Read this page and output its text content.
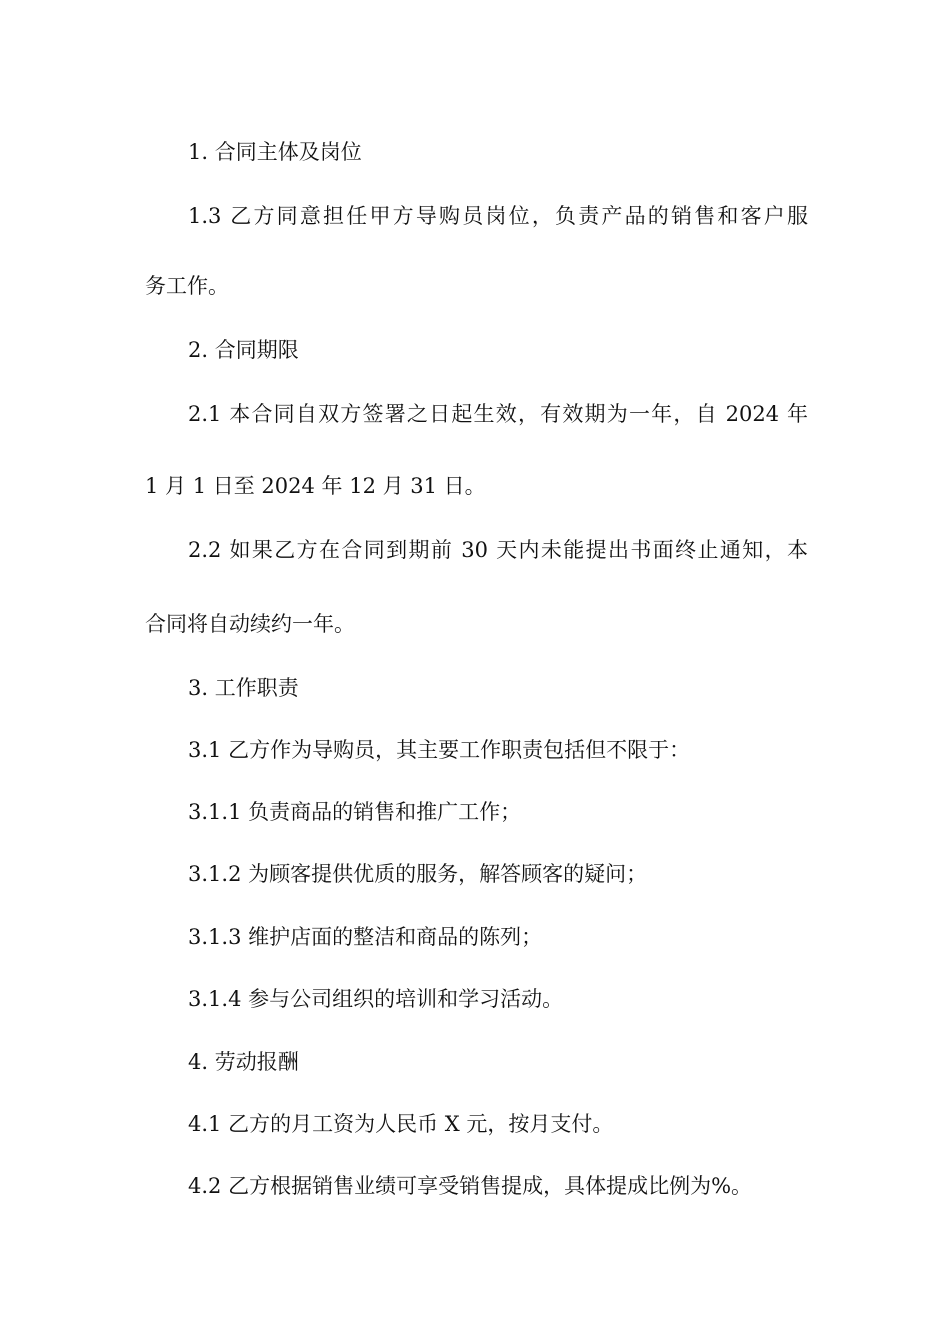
1. 合同主体及岗位

1.3 乙方同意担任甲方导购员岗位，负责产品的销售和客户服

务工作。

2. 合同期限

2.1 本合同自双方签署之日起生效，有效期为一年，自 2024 年

1 月 1 日至 2024 年 12 月 31 日。

2.2 如果乙方在合同到期前 30 天内未能提出书面终止通知，本

合同将自动续约一年。

3. 工作职责

3.1 乙方作为导购员，其主要工作职责包括但不限于：

3.1.1 负责商品的销售和推广工作；

3.1.2 为顾客提供优质的服务，解答顾客的疑问；

3.1.3 维护店面的整洁和商品的陈列；

3.1.4 参与公司组织的培训和学习活动。

4. 劳动报酬

4.1 乙方的月工资为人民币 X 元，按月支付。

4.2 乙方根据销售业绩可享受销售提成，具体提成比例为%。
